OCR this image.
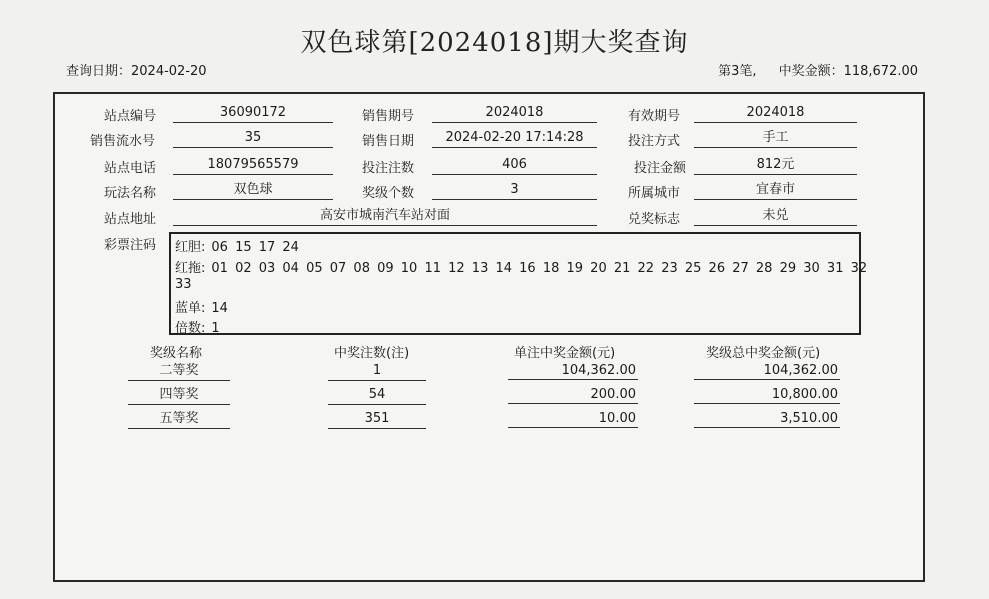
双色球第[2024018]期大奖查询
查询日期：2024-02-20	第3笔, 中奖金额：118,672.00
站点编号	36090172	销售期号	2024018	有效期号	2024018
销售流水号	35	销售日期	2024-02-20 17:14:28	投注方式	手工
站点电话	18079565579	投注注数	406	投注金额	812元
玩法名称	双色球	奖级个数	3	所属城市	宜春市
站点地址	高安市城南汽车站对面	兑奖标志	未兑
彩票注码 红胆: 06 15 17 24
红拖: 01 02 03 04 05 07 08 09 10 11 12 13 14 16 18 19 20 21 22 23 25 26 27 28 29 30 31 32
33
蓝单: 14
倍数: 1
奖级名称	中奖注数(注)	单注中奖金额(元)	奖级总中奖金额(元)
二等奖	1	104,362.00	104,362.00
四等奖	54	200.00	10,800.00
五等奖	351	10.00	3,510.00
